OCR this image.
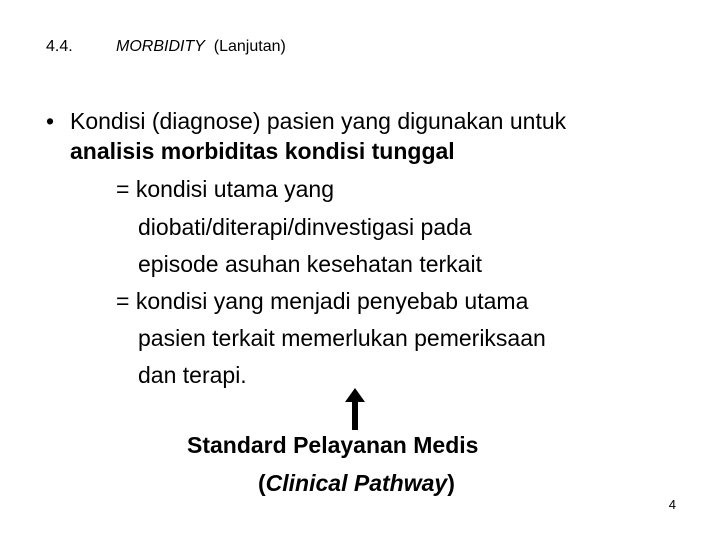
4.4.	MORBIDITY (Lanjutan)
• Kondisi (diagnose) pasien yang digunakan untuk
analisis morbiditas kondisi tunggal
= kondisi utama yang
diobati/diterapi/dinvestigasi pada
episode asuhan kesehatan terkait
= kondisi yang menjadi penyebab utama
pasien terkait memerlukan pemeriksaan
dan terapi.
Standard Pelayanan Medis
(Clinical Pathway)
4
